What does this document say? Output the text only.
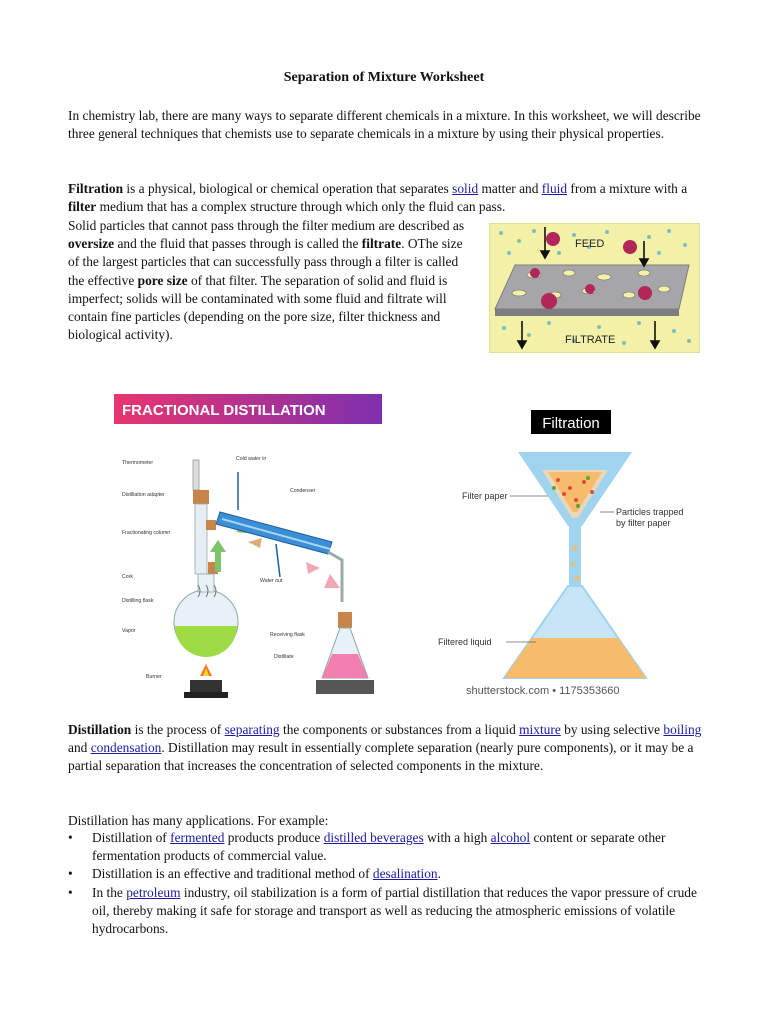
Separation of Mixture Worksheet

In chemistry lab, there are many ways to separate different chemicals in a mixture. In this worksheet, we will describe three general techniques that chemists use to separate chemicals in a mixture by using their physical properties.

Filtration is a physical, biological or chemical operation that separates solid matter and fluid from a mixture with a filter medium that has a complex structure through which only the fluid can pass.

Solid particles that cannot pass through the filter medium are described as oversize and the fluid that passes through is called the filtrate. OThe size of the largest particles that can successfully pass through a filter is called the effective pore size of that filter. The separation of solid and fluid is imperfect; solids will be contaminated with some fluid and filtrate will contain fine particles (depending on the pore size, filter thickness and biological activity).

FEED
FILTRATE
FRACTIONAL DISTILLATION
Thermometer
Cold water in
Condenser
Distillation adapter
Fractionating column
Cork
Distilling flask
Vapor
Burner
Water out
Receiving flask
Distillate
Filtration
Filter paper
Particles trapped
by filter paper
Filtered liquid
shutterstock.com • 1175353660

Distillation is the process of separating the components or substances from a liquid mixture by using selective boiling and condensation. Distillation may result in essentially complete separation (nearly pure components), or it may be a partial separation that increases the concentration of selected components in the mixture.

Distillation has many applications. For example:

• Distillation of fermented products produce distilled beverages with a high alcohol content or separate other fermentation products of commercial value.
• Distillation is an effective and traditional method of desalination.
• In the petroleum industry, oil stabilization is a form of partial distillation that reduces the vapor pressure of crude oil, thereby making it safe for storage and transport as well as reducing the atmospheric emissions of volatile hydrocarbons.
